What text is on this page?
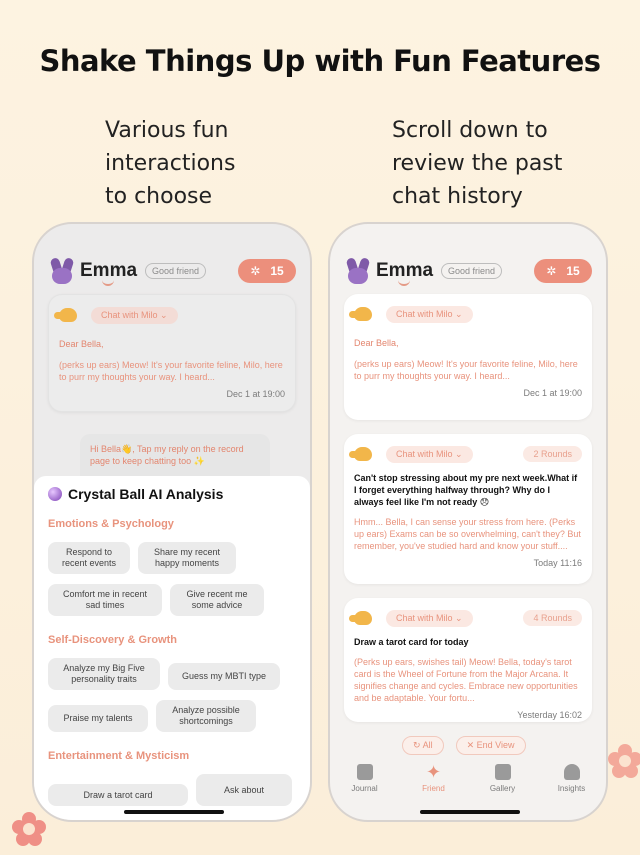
Shake Things Up with Fun Features
Various fun
interactions
to choose
Scroll down to
review the past
chat history
Emma	Good friend	✲ 15
Chat with Milo ⌄
Dear Bella,
(perks up ears) Meow! It's your favorite feline, Milo, here to purr my thoughts your way. I heard...
Dec 1 at 19:00
Hi Bella👋, Tap my reply on the record page to keep chatting too ✨
Crystal Ball AI Analysis
Emotions & Psychology
Respond to recent events
Share my recent happy moments
Comfort me in recent sad times
Give recent me some advice
Self-Discovery & Growth
Analyze my Big Five personality traits	Guess my MBTI type
Praise my talents
Analyze possible shortcomings
Entertainment & Mysticism
Draw a tarot card	Ask about
Emma	Good friend	✲ 15
Chat with Milo ⌄
Dear Bella,
(perks up ears) Meow! It's your favorite feline, Milo, here to purr my thoughts your way. I heard...
Dec 1 at 19:00
Chat with Milo ⌄	2 Rounds
Can't stop stressing about my pre next week.What if I forget everything halfway through? Why do I always feel like I'm not ready 😞
Hmm... Bella, I can sense your stress from here. (Perks up ears) Exams can be so overwhelming, can't they? But remember, you've studied hard and know your stuff....
Today 11:16
Chat with Milo ⌄	4 Rounds
Draw a tarot card for today
(Perks up ears, swishes tail) Meow! Bella, today's tarot card is the Wheel of Fortune from the Major Arcana. It signifies change and cycles. Embrace new opportunities and be adaptable. Your fortu...
Yesterday 16:02
↻ All	✕ End View
Journal
✦
Friend	Gallery	Insights
